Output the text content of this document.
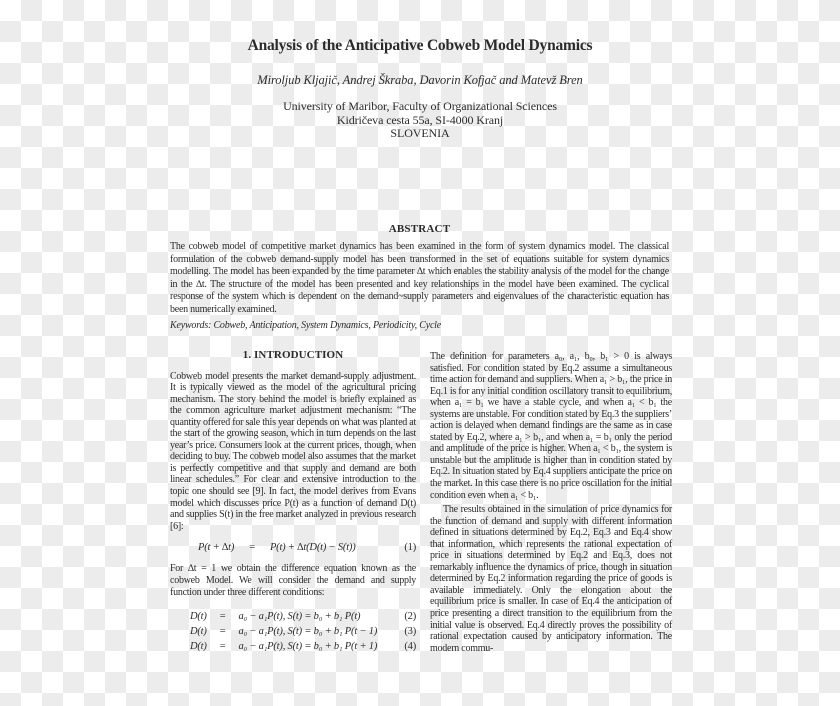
Analysis of the Anticipative Cobweb Model Dynamics
Miroljub Kljajič, Andrej Škraba, Davorin Kofjač and Matevž Bren
University of Maribor, Faculty of Organizational Sciences
Kidričeva cesta 55a, SI-4000 Kranj
SLOVENIA
ABSTRACT
The cobweb model of competitive market dynamics has been examined in the form of system dynamics model. The classical formulation of the cobweb demand-supply model has been transformed in the set of equations suitable for system dynamics modelling. The model has been expanded by the time parameter ∆t which enables the stability analysis of the model for the change in the ∆t. The structure of the model has been presented and key relationships in the model have been examined. The cyclical response of the system which is dependent on the demand~supply parameters and eigenvalues of the characteristic equation has been numerically examined.
Keywords: Cobweb, Anticipation, System Dynamics, Periodicity, Cycle
1. INTRODUCTION

Cobweb model presents the market demand-supply adjustment. It is typically viewed as the model of the agricultural pricing mechanism. The story behind the model is briefly explained as the common agriculture market adjustment mechanism: “The quantity offered for sale this year depends on what was planted at the start of the growing season, which in turn depends on the last year’s price. Consumers look at the current prices, though, when deciding to buy. The cobweb model also assumes that the market is perfectly competitive and that supply and demand are both linear schedules.” For clear and extensive introduction to the topic one should see [9]. In fact, the model derives from Evans model which discusses price P(t) as a function of demand D(t) and supplies S(t) in the free market analyzed in previous research [6]:

P(t + ∆t) = P(t) + ∆t(D(t) − S(t))	(1)

For ∆t = 1 we obtain the difference equation known as the cobweb Model. We will consider the demand and supply function under three different conditions:

D(t) = a₀ − a₁P(t), S(t) = b₀ + b₁ P(t)	(2)
D(t) = a₀ − a₁P(t), S(t) = b₀ + b₁ P(t − 1)	(3)
D(t) = a₀ − a₁P(t), S(t) = b₀ + b₁ P(t + 1)	(4)

The definition for parameters a₀, a₁, b₀, b₁ > 0 is always satisfied. For condition stated by Eq.2 assume a simultaneous time action for demand and suppliers. When a₁ > b₁, the price in Eq.1 is for any initial condition oscillatory transit to equilibrium, when a₁ = b₁ we have a stable cycle, and when a₁ < b₁ the systems are unstable. For condition stated by Eq.3 the suppliers’ action is delayed when demand findings are the same as in case stated by Eq.2, where a₁ > b₁, and when a₁ = b₁ only the period and amplitude of the price is higher. When a₁ < b₁, the system is unstable but the amplitude is higher than in condition stated by Eq.2. In situation stated by Eq.4 suppliers anticipate the price on the market. In this case there is no price oscillation for the initial condition even when a₁ < b₁.

The results obtained in the simulation of price dynamics for the function of demand and supply with different information defined in situations determined by Eq.2, Eq.3 and Eq.4 show that information, which represents the rational expectation of price in situations determined by Eq.2 and Eq.3, does not remarkably influence the dynamics of price, though in situation determined by Eq.2 information regarding the price of goods is available immediately. Only the elongation about the equilibrium price is smaller. In case of Eq.4 the anticipation of price presenting a direct transition to the equilibrium from the initial value is observed. Eq.4 directly proves the possibility of rational expectation caused by anticipatory information. The modern commu-
